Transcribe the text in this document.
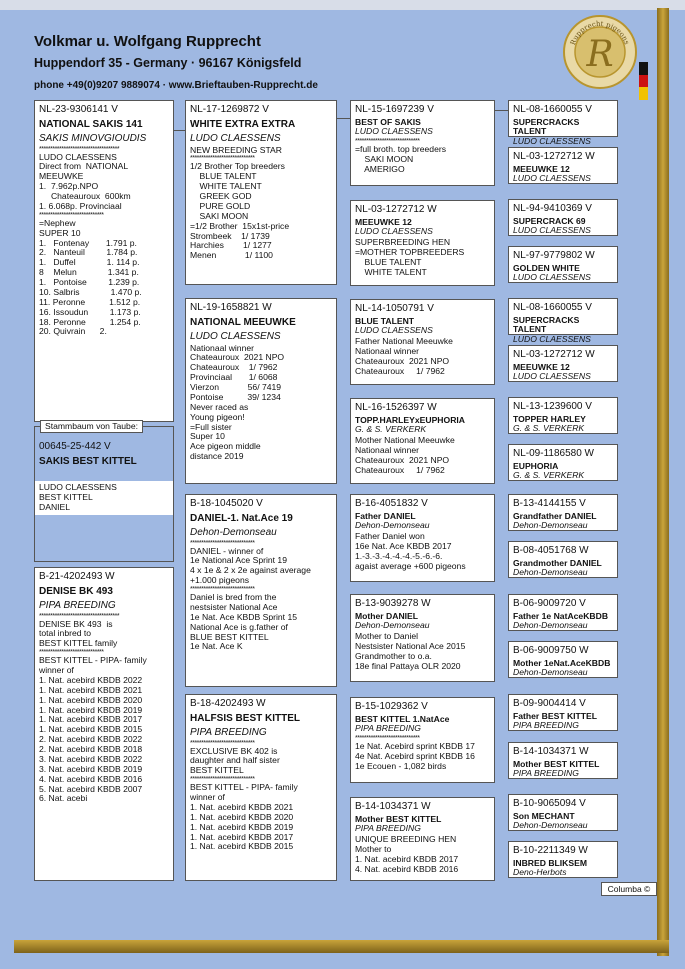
Volkmar u. Wolfgang Rupprecht
Huppendorf 35 - Germany · 96167 Königsfeld
phone +49(0)9207 9889074 · www.Brieftauben-Rupprecht.de
Rupprecht pigeons
R
NL-23-9306141 V
NATIONAL SAKIS 141
SAKIS MINOVGIOUDIS
************************************
LUDO CLAESSENS
Direct from  NATIONAL
MEEUWKE
1.  7.962p.NPO
Chateauroux  600km
1. 6.068p. Provinciaal
*****************************
=Nephew
SUPER 10
1.   Fontenay       1.791 p.
2.   Nanteuil         1.784 p.
1.   Duffel             1. 114 p.
8    Melun             1.341 p.
1.   Pontoise         1.239 p.
10. Salbris             1.470 p.
11. Peronne          1.512 p.
16. Issoudun         1.173 p.
18. Peronne          1.254 p.
20. Quivrain      2.
00645-25-442 V
SAKIS BEST KITTEL
LUDO CLAESSENS
BEST KITTEL
DANIEL
Stammbaum von Taube:
B-21-4202493 W
DENISE BK 493
PIPA BREEDING
************************************
DENISE BK 493  is
total inbred to
BEST KITTEL family
*****************************
BEST KITTEL - PIPA- family
winner of
1. Nat. acebird KBDB 2022
1. Nat. acebird KBDB 2021
1. Nat. acebird KBDB 2020
1. Nat. acebird KBDB 2019
1. Nat. acebird KBDB 2017
1. Nat. acebird KBDB 2015
2. Nat. acebird KBDB 2022
2. Nat. acebird KBDB 2018
3. Nat. acebird KBDB 2022
3. Nat. acebird KBDB 2019
4. Nat. acebird KBDB 2016
5. Nat. acebird KBDB 2007
6. Nat. acebi
NL-17-1269872 V
WHITE EXTRA EXTRA
LUDO CLAESSENS
NEW BREEDING STAR
*****************************
1/2 Brother Top breeders
BLUE TALENT
WHITE TALENT
GREEK GOD
PURE GOLD
SAKI MOON
=1/2 Brother  15x1st-price
Strombeek    1/ 1739
Harchies        1/ 1277
Menen            1/ 1100
NL-19-1658821 W
NATIONAL MEEUWKE
LUDO CLAESSENS
Nationaal winner
Chateauroux  2021 NPO
Chateauroux    1/ 7962
Provinciaal       1/ 6068
Vierzon            56/ 7419
Pontoise          39/ 1234
Never raced as
Young pigeon!
=Full sister
Super 10
Ace pigeon middle
distance 2019
B-18-1045020 V
DANIEL-1. Nat.Ace 19
Dehon-Demonseau
*****************************
DANIEL - winner of
1e National Ace Sprint 19
4 x 1e & 2 x 2e against average
+1.000 pigeons
*****************************
Daniel is bred from the
nestsister National Ace
1e Nat. Ace KBDB Sprint 15
National Ace is g.father of
BLUE BEST KITTEL
1e Nat. Ace K
B-18-4202493 W
HALFSIS BEST KITTEL
PIPA BREEDING
*****************************
EXCLUSIVE BK 402 is
daughter and half sister
BEST KITTEL
*****************************
BEST KITTEL - PIPA- family
winner of
1. Nat. acebird KBDB 2021
1. Nat. acebird KBDB 2020
1. Nat. acebird KBDB 2019
1. Nat. acebird KBDB 2017
1. Nat. acebird KBDB 2015
NL-15-1697239 V
BEST OF SAKIS
LUDO CLAESSENS
*****************************
=full broth. top breeders
SAKI MOON
AMERIGO
NL-03-1272712 W
MEEUWKE 12
LUDO CLAESSENS
SUPERBREEDING HEN
=MOTHER TOPBREEDERS
BLUE TALENT
WHITE TALENT
NL-14-1050791 V
BLUE TALENT
LUDO CLAESSENS
Father National Meeuwke
Nationaal winner
Chateauroux  2021 NPO
Chateauroux     1/ 7962
NL-16-1526397 W
TOPP.HARLEYxEUPHORIA
G. & S. VERKERK
Mother National Meeuwke
Nationaal winner
Chateauroux  2021 NPO
Chateauroux     1/ 7962
B-16-4051832 V
Father DANIEL
Dehon-Demonseau
Father Daniel won
16e Nat. Ace KBDB 2017
1.-3.-3.-4.-4.-4.-5.-6.-6.
agaist average +600 pigeons
B-13-9039278 W
Mother DANIEL
Dehon-Demonseau
Mother to Daniel
Nestsister National Ace 2015
Grandmother to o.a.
18e final Pattaya OLR 2020
B-15-1029362 V
BEST KITTEL 1.NatAce
PIPA BREEDING
*****************************
1e Nat. Acebird sprint KBDB 17
4e Nat. Acebird sprint KBDB 16
1e Ecouen - 1,082 birds
B-14-1034371 W
Mother BEST KITTEL
PIPA BREEDING
UNIQUE BREEDING HEN
Mother to
1. Nat. acebird KBDB 2017
4. Nat. acebird KBDB 2016
NL-08-1660055 V
SUPERCRACKS TALENT
LUDO CLAESSENS
NL-03-1272712 W
MEEUWKE 12
LUDO CLAESSENS
NL-94-9410369 V
SUPERCRACK 69
LUDO CLAESSENS
NL-97-9779802 W
GOLDEN WHITE
LUDO CLAESSENS
NL-08-1660055 V
SUPERCRACKS TALENT
LUDO CLAESSENS
NL-03-1272712 W
MEEUWKE 12
LUDO CLAESSENS
NL-13-1239600 V
TOPPER HARLEY
G. & S. VERKERK
NL-09-1186580 W
EUPHORIA
G. & S. VERKERK
B-13-4144155 V
Grandfather DANIEL
Dehon-Demonseau
B-08-4051768 W
Grandmother DANIEL
Dehon-Demonseau
B-06-9009720 V
Father 1e NatAceKBDB
Dehon-Demonseau
B-06-9009750 W
Mother 1eNat.AceKBDB
Dehon-Demonseau
B-09-9004414 V
Father BEST KITTEL
PIPA BREEDING
B-14-1034371 W
Mother BEST KITTEL
PIPA BREEDING
B-10-9065094 V
Son MECHANT
Dehon-Demonseau
B-10-2211349 W
INBRED BLIKSEM
Deno-Herbots
Columba ©
